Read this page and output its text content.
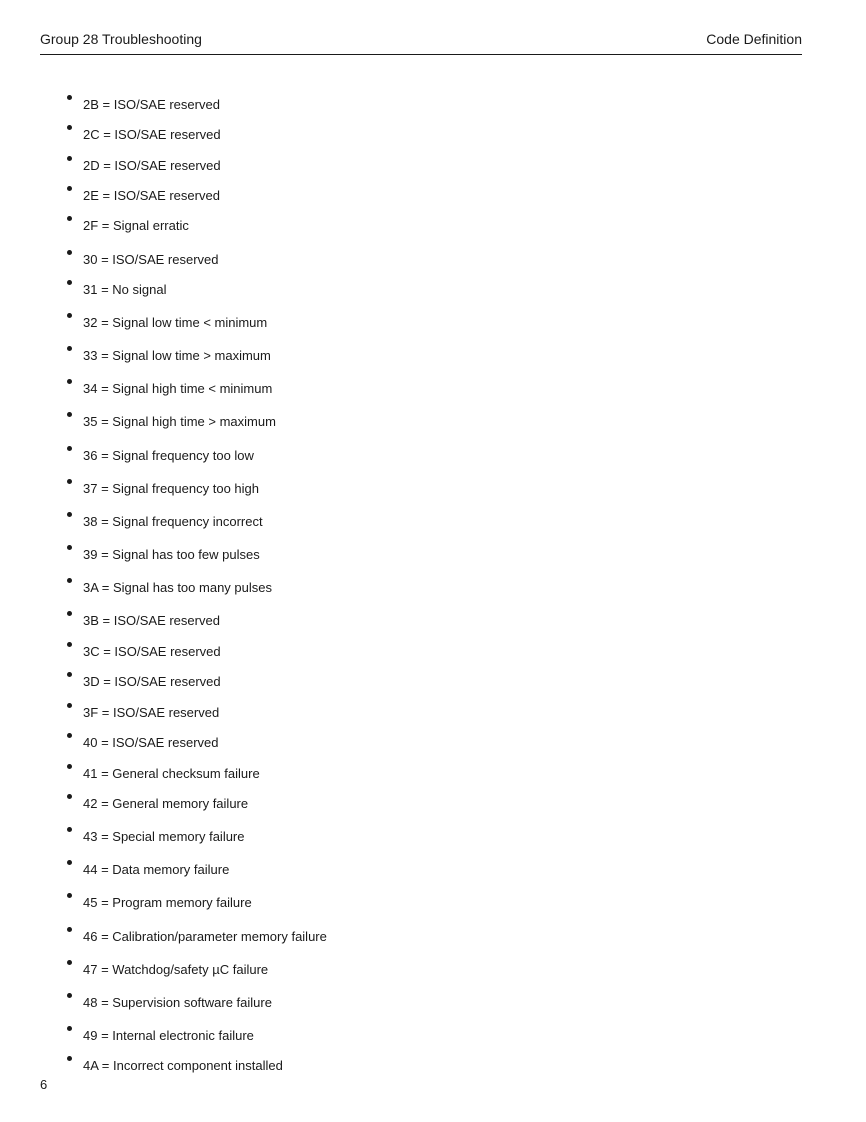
Group 28 Troubleshooting	Code Definition
2B = ISO/SAE reserved
2C = ISO/SAE reserved
2D = ISO/SAE reserved
2E = ISO/SAE reserved
2F = Signal erratic
30 = ISO/SAE reserved
31 = No signal
32 = Signal low time < minimum
33 = Signal low time > maximum
34 = Signal high time < minimum
35 = Signal high time > maximum
36 = Signal frequency too low
37 = Signal frequency too high
38 = Signal frequency incorrect
39 = Signal has too few pulses
3A = Signal has too many pulses
3B = ISO/SAE reserved
3C = ISO/SAE reserved
3D = ISO/SAE reserved
3F = ISO/SAE reserved
40 = ISO/SAE reserved
41 = General checksum failure
42 = General memory failure
43 = Special memory failure
44 = Data memory failure
45 = Program memory failure
46 = Calibration/parameter memory failure
47 = Watchdog/safety µC failure
48 = Supervision software failure
49 = Internal electronic failure
4A = Incorrect component installed
6
